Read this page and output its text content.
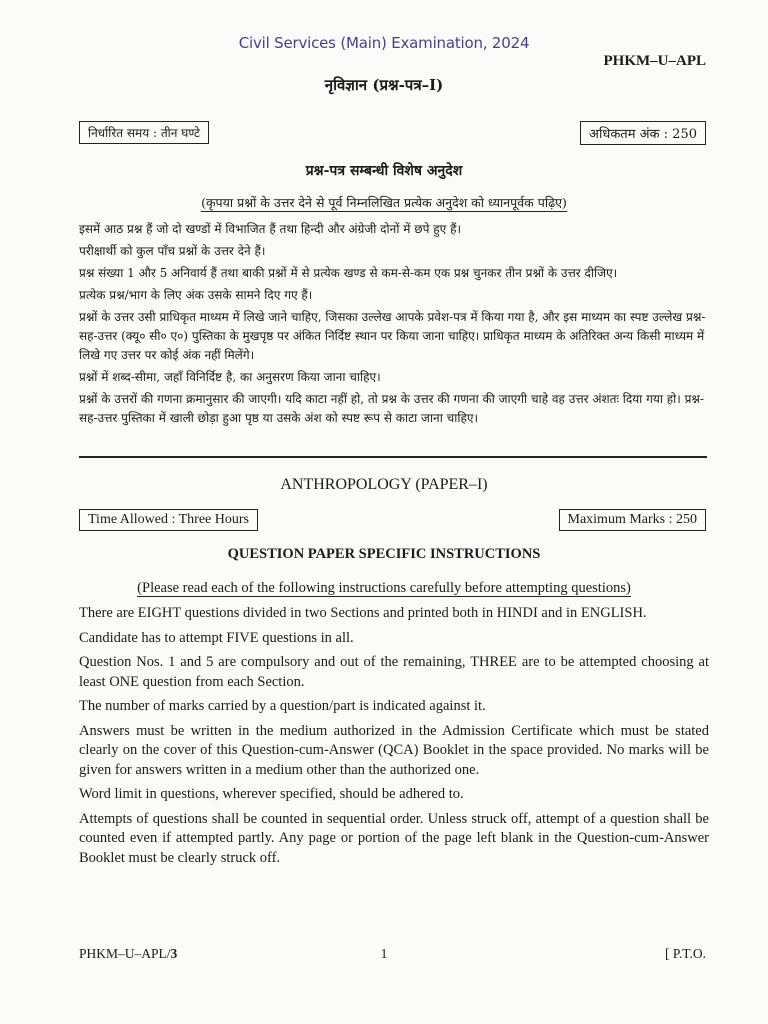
Civil Services (Main) Examination, 2024
PHKM–U–APL
नृविज्ञान (प्रश्न-पत्र–I)
निर्धारित समय : तीन घण्टे	अधिकतम अंक : 250
प्रश्न-पत्र सम्बन्धी विशेष अनुदेश
(कृपया प्रश्नों के उत्तर देने से पूर्व निम्नलिखित प्रत्येक अनुदेश को ध्यानपूर्वक पढ़िए)

इसमें आठ प्रश्न हैं जो दो खण्डों में विभाजित हैं तथा हिन्दी और अंग्रेजी दोनों में छपे हुए हैं।

परीक्षार्थी को कुल पाँच प्रश्नों के उत्तर देने हैं।

प्रश्न संख्या 1 और 5 अनिवार्य हैं तथा बाकी प्रश्नों में से प्रत्येक खण्ड से कम-से-कम एक प्रश्न चुनकर तीन प्रश्नों के उत्तर दीजिए।

प्रत्येक प्रश्न/भाग के लिए अंक उसके सामने दिए गए हैं।

प्रश्नों के उत्तर उसी प्राधिकृत माध्यम में लिखे जाने चाहिए, जिसका उल्लेख आपके प्रवेश-पत्र में किया गया है, और इस माध्यम का स्पष्ट उल्लेख प्रश्न-सह-उत्तर (क्यू० सी० ए०) पुस्तिका के मुखपृष्ठ पर अंकित निर्दिष्ट स्थान पर किया जाना चाहिए। प्राधिकृत माध्यम के अतिरिक्त अन्य किसी माध्यम में लिखे गए उत्तर पर कोई अंक नहीं मिलेंगे।

प्रश्नों में शब्द-सीमा, जहाँ विनिर्दिष्ट है, का अनुसरण किया जाना चाहिए।

प्रश्नों के उत्तरों की गणना क्रमानुसार की जाएगी। यदि काटा नहीं हो, तो प्रश्न के उत्तर की गणना की जाएगी चाहे वह उत्तर अंशतः दिया गया हो। प्रश्न-सह-उत्तर पुस्तिका में खाली छोड़ा हुआ पृष्ठ या उसके अंश को स्पष्ट रूप से काटा जाना चाहिए।

ANTHROPOLOGY (PAPER–I)
Time Allowed : Three Hours	Maximum Marks : 250
QUESTION PAPER SPECIFIC INSTRUCTIONS
(Please read each of the following instructions carefully before attempting questions)

There are EIGHT questions divided in two Sections and printed both in HINDI and in ENGLISH.

Candidate has to attempt FIVE questions in all.

Question Nos. 1 and 5 are compulsory and out of the remaining, THREE are to be attempted choosing at least ONE question from each Section.

The number of marks carried by a question/part is indicated against it.

Answers must be written in the medium authorized in the Admission Certificate which must be stated clearly on the cover of this Question-cum-Answer (QCA) Booklet in the space provided. No marks will be given for answers written in a medium other than the authorized one.

Word limit in questions, wherever specified, should be adhered to.

Attempts of questions shall be counted in sequential order. Unless struck off, attempt of a question shall be counted even if attempted partly. Any page or portion of the page left blank in the Question-cum-Answer Booklet must be clearly struck off.

PHKM–U–APL/3	1	[ P.T.O.
